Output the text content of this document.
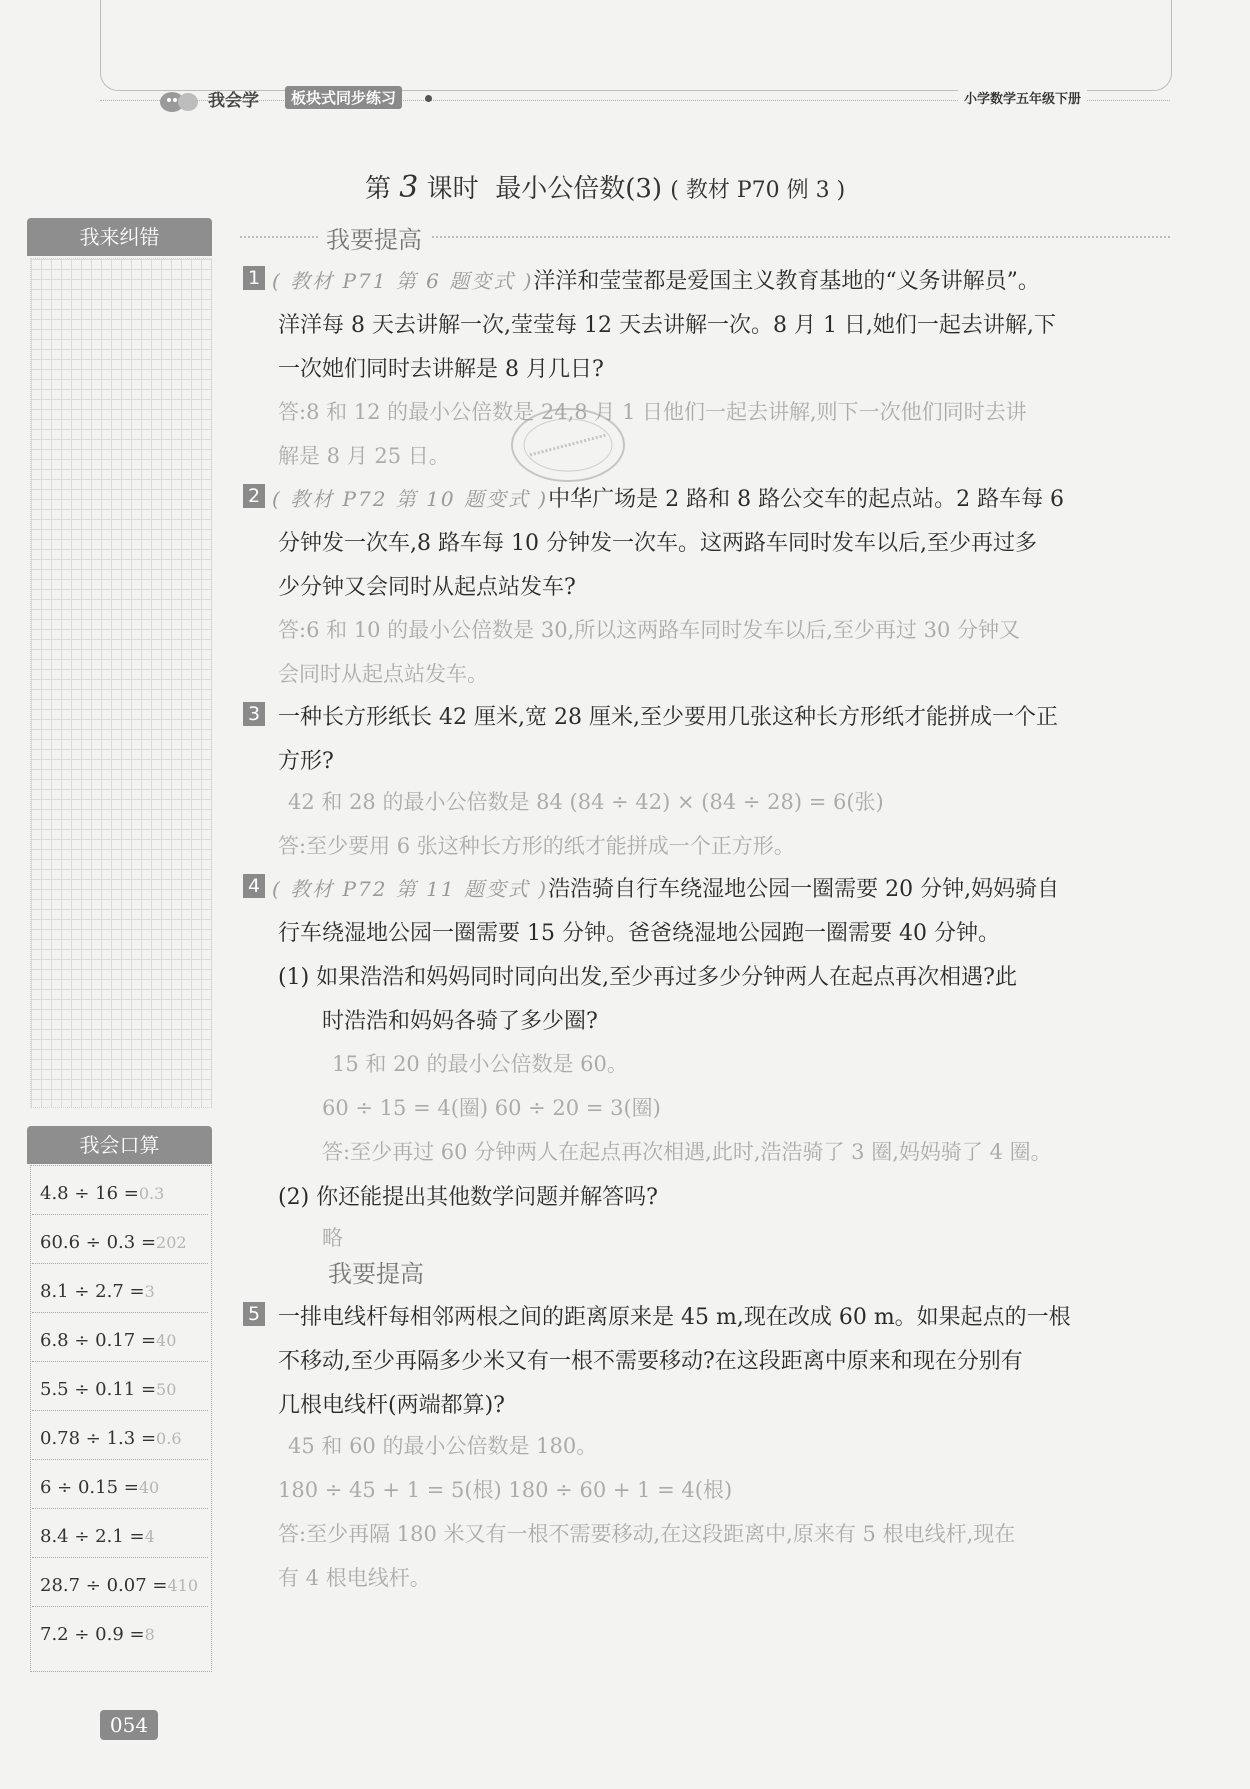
我会学	板块式同步练习	小学数学五年级下册
第 3 课时 最小公倍数(3) ( 教材 P70 例 3 )
我来纠错
我会口算
4.8 ÷ 16 =0.3
60.6 ÷ 0.3 =202
8.1 ÷ 2.7 =3
6.8 ÷ 0.17 =40
5.5 ÷ 0.11 =50
0.78 ÷ 1.3 =0.6
6 ÷ 0.15 =40
8.4 ÷ 2.1 =4
28.7 ÷ 0.07 =410
7.2 ÷ 0.9 =8
054
我要提高
1 ( 教材 P71 第 6 题变式 )洋洋和莹莹都是爱国主义教育基地的“义务讲解员”。
洋洋每 8 天去讲解一次,莹莹每 12 天去讲解一次。8 月 1 日,她们一起去讲解,下
一次她们同时去讲解是 8 月几日?
答:8 和 12 的最小公倍数是 24,8 月 1 日他们一起去讲解,则下一次他们同时去讲
解是 8 月 25 日。
2 ( 教材 P72 第 10 题变式 )中华广场是 2 路和 8 路公交车的起点站。2 路车每 6
分钟发一次车,8 路车每 10 分钟发一次车。这两路车同时发车以后,至少再过多
少分钟又会同时从起点站发车?
答:6 和 10 的最小公倍数是 30,所以这两路车同时发车以后,至少再过 30 分钟又
会同时从起点站发车。
3 一种长方形纸长 42 厘米,宽 28 厘米,至少要用几张这种长方形纸才能拼成一个正
方形?
42 和 28 的最小公倍数是 84 (84 ÷ 42) × (84 ÷ 28) = 6(张)
答:至少要用 6 张这种长方形的纸才能拼成一个正方形。
4 ( 教材 P72 第 11 题变式 )浩浩骑自行车绕湿地公园一圈需要 20 分钟,妈妈骑自
行车绕湿地公园一圈需要 15 分钟。爸爸绕湿地公园跑一圈需要 40 分钟。
(1) 如果浩浩和妈妈同时同向出发,至少再过多少分钟两人在起点再次相遇?此
时浩浩和妈妈各骑了多少圈?
15 和 20 的最小公倍数是 60。
60 ÷ 15 = 4(圈) 60 ÷ 20 = 3(圈)
答:至少再过 60 分钟两人在起点再次相遇,此时,浩浩骑了 3 圈,妈妈骑了 4 圈。
(2) 你还能提出其他数学问题并解答吗?
略
我要提高
5 一排电线杆每相邻两根之间的距离原来是 45 m,现在改成 60 m。如果起点的一根
不移动,至少再隔多少米又有一根不需要移动?在这段距离中原来和现在分别有
几根电线杆(两端都算)?
45 和 60 的最小公倍数是 180。
180 ÷ 45 + 1 = 5(根) 180 ÷ 60 + 1 = 4(根)
答:至少再隔 180 米又有一根不需要移动,在这段距离中,原来有 5 根电线杆,现在
有 4 根电线杆。
